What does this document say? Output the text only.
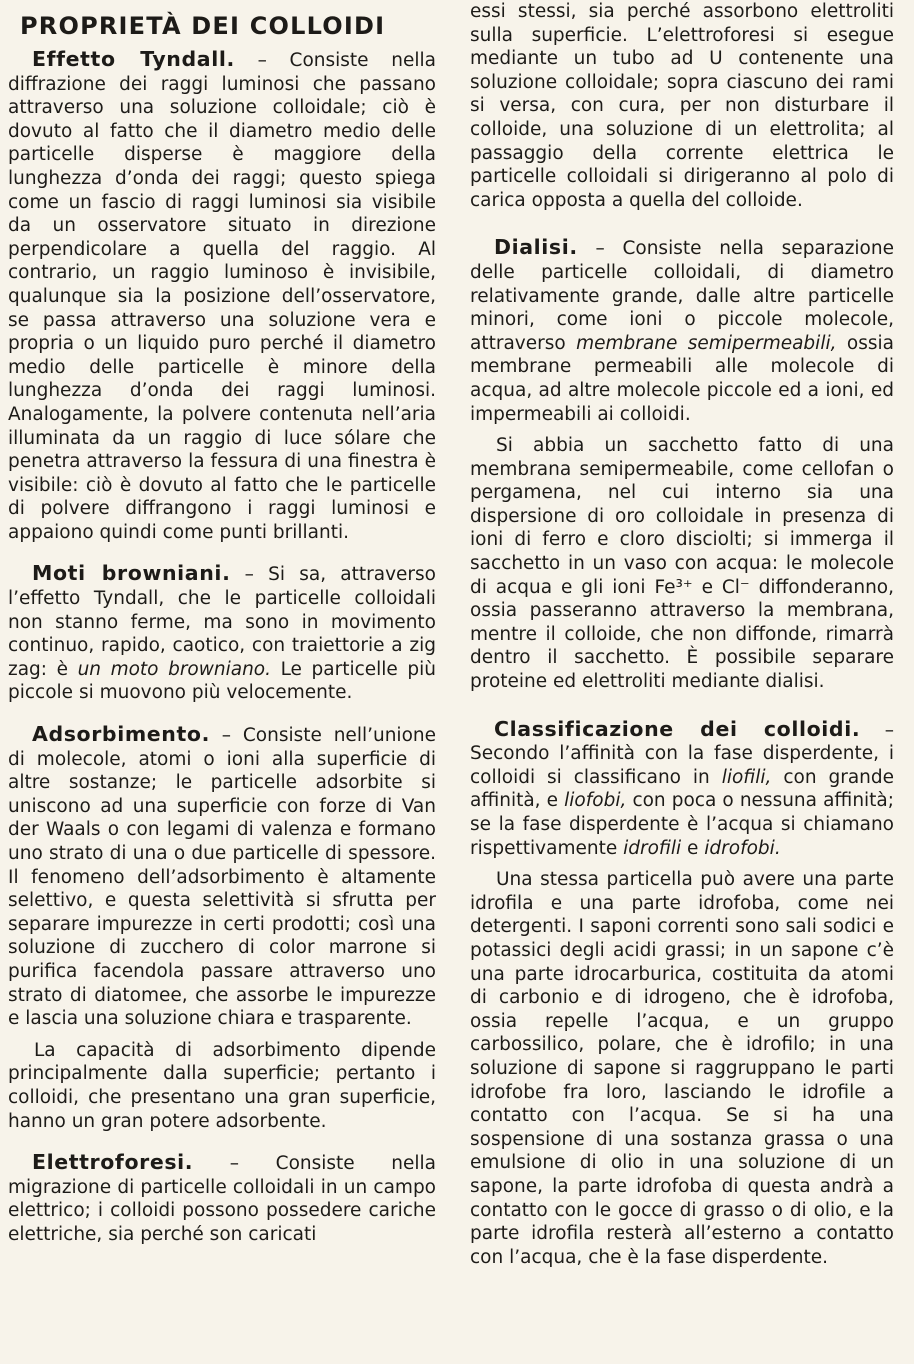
PROPRIETÀ DEI COLLOIDI

Effetto Tyndall. – Consiste nella diffrazione dei raggi luminosi che passano attraverso una soluzione colloidale; ciò è dovuto al fatto che il diametro medio delle particelle disperse è maggiore della lunghezza d’onda dei raggi; questo spiega come un fascio di raggi luminosi sia visibile da un osservatore situato in direzione perpendicolare a quella del raggio. Al contrario, un raggio luminoso è invisibile, qualunque sia la posizione dell’osservatore, se passa attraverso una soluzione vera e propria o un liquido puro perché il diametro medio delle particelle è minore della lunghezza d’onda dei raggi luminosi. Analogamente, la polvere contenuta nell’aria illuminata da un raggio di luce sólare che penetra attraverso la fessura di una finestra è visibile: ciò è dovuto al fatto che le particelle di polvere diffrangono i raggi luminosi e appaiono quindi come punti brillanti.

Moti browniani. – Si sa, attraverso l’effetto Tyndall, che le particelle colloidali non stanno ferme, ma sono in movimento continuo, rapido, caotico, con traiettorie a zig zag: è un moto browniano. Le particelle più piccole si muovono più velocemente.

Adsorbimento. – Consiste nell’unione di molecole, atomi o ioni alla superficie di altre sostanze; le particelle adsorbite si uniscono ad una superficie con forze di Van der Waals o con legami di valenza e formano uno strato di una o due particelle di spessore. Il fenomeno dell’adsorbimento è altamente selettivo, e questa selettività si sfrutta per separare impurezze in certi prodotti; così una soluzione di zucchero di color marrone si purifica facendola passare attraverso uno strato di diatomee, che assorbe le impurezze e lascia una soluzione chiara e trasparente.

La capacità di adsorbimento dipende principalmente dalla superficie; pertanto i colloidi, che presentano una gran superficie, hanno un gran potere adsorbente.

Elettroforesi. – Consiste nella migrazione di particelle colloidali in un campo elettrico; i colloidi possono possedere cariche elettriche, sia perché son caricati

essi stessi, sia perché assorbono elettroliti sulla superficie. L’elettroforesi si esegue mediante un tubo ad U contenente una soluzione colloidale; sopra ciascuno dei rami si versa, con cura, per non disturbare il colloide, una soluzione di un elettrolita; al passaggio della corrente elettrica le particelle colloidali si dirigeranno al polo di carica opposta a quella del colloide.

Dialisi. – Consiste nella separazione delle particelle colloidali, di diametro relativamente grande, dalle altre particelle minori, come ioni o piccole molecole, attraverso membrane semipermeabili, ossia membrane permeabili alle molecole di acqua, ad altre molecole piccole ed a ioni, ed impermeabili ai colloidi.

Si abbia un sacchetto fatto di una membrana semipermeabile, come cellofan o pergamena, nel cui interno sia una dispersione di oro colloidale in presenza di ioni di ferro e cloro disciolti; si immerga il sacchetto in un vaso con acqua: le molecole di acqua e gli ioni Fe³⁺ e Cl⁻ diffonderanno, ossia passeranno attraverso la membrana, mentre il colloide, che non diffonde, rimarrà dentro il sacchetto. È possibile separare proteine ed elettroliti mediante dialisi.

Classificazione dei colloidi. – Secondo l’affinità con la fase disperdente, i colloidi si classificano in liofili, con grande affinità, e liofobi, con poca o nessuna affinità; se la fase disperdente è l’acqua si chiamano rispettivamente idrofili e idrofobi.

Una stessa particella può avere una parte idrofila e una parte idrofoba, come nei detergenti. I saponi correnti sono sali sodici e potassici degli acidi grassi; in un sapone c’è una parte idrocarburica, costituita da atomi di carbonio e di idrogeno, che è idrofoba, ossia repelle l’acqua, e un gruppo carbossilico, polare, che è idrofilo; in una soluzione di sapone si raggruppano le parti idrofobe fra loro, lasciando le idrofile a contatto con l’acqua. Se si ha una sospensione di una sostanza grassa o una emulsione di olio in una soluzione di un sapone, la parte idrofoba di questa andrà a contatto con le gocce di grasso o di olio, e la parte idrofila resterà all’esterno a contatto con l’acqua, che è la fase disperdente.
